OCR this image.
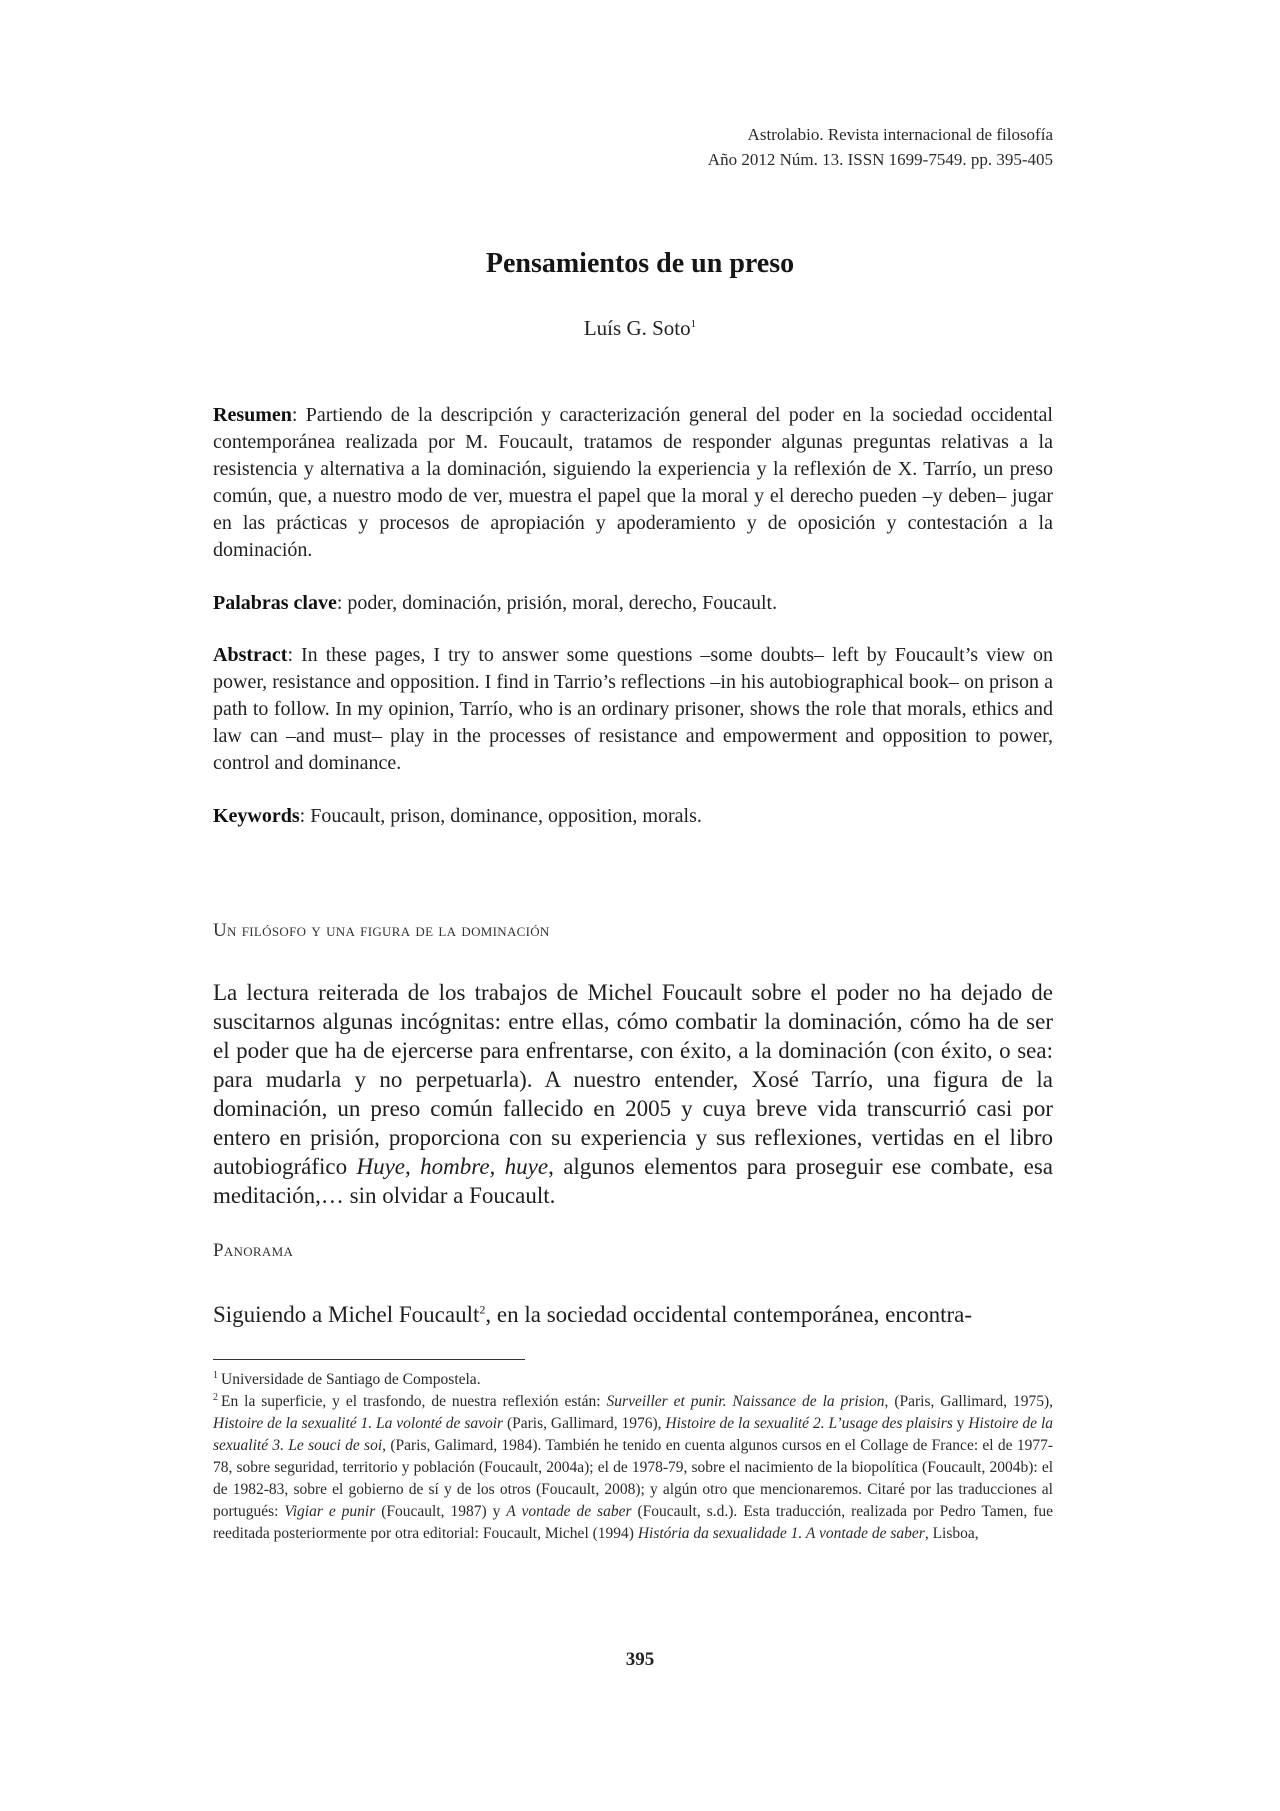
Astrolabio. Revista internacional de filosofía
Año 2012 Núm. 13. ISSN 1699-7549. pp. 395-405
Pensamientos de un preso
Luís G. Soto$^1$
Resumen: Partiendo de la descripción y caracterización general del poder en la sociedad occidental contemporánea realizada por M. Foucault, tratamos de responder algunas preguntas relativas a la resistencia y alternativa a la dominación, siguiendo la experiencia y la reflexión de X. Tarrío, un preso común, que, a nuestro modo de ver, muestra el papel que la moral y el derecho pueden –y deben– jugar en las prácticas y procesos de apropiación y apoderamiento y de oposición y contestación a la dominación.
Palabras clave: poder, dominación, prisión, moral, derecho, Foucault.
Abstract: In these pages, I try to answer some questions –some doubts– left by Foucault’s view on power, resistance and opposition. I find in Tarrio’s reflections –in his autobiographical book– on prison a path to follow. In my opinion, Tarrío, who is an ordinary prisoner, shows the role that morals, ethics and law can –and must– play in the processes of resistance and empowerment and opposition to power, control and dominance.
Keywords: Foucault, prison, dominance, opposition, morals.
Un filósofo y una figura de la dominación
La lectura reiterada de los trabajos de Michel Foucault sobre el poder no ha dejado de suscitarnos algunas incógnitas: entre ellas, cómo combatir la dominación, cómo ha de ser el poder que ha de ejercerse para enfrentarse, con éxito, a la dominación (con éxito, o sea: para mudarla y no perpetuarla). A nuestro entender, Xosé Tarrío, una figura de la dominación, un preso común fallecido en 2005 y cuya breve vida transcurrió casi por entero en prisión, proporciona con su experiencia y sus reflexiones, vertidas en el libro autobiográfico Huye, hombre, huye, algunos elementos para proseguir ese combate, esa meditación,… sin olvidar a Foucault.
Panorama
Siguiendo a Michel Foucault$^2$, en la sociedad occidental contemporánea, encontra-
$^1$ Universidade de Santiago de Compostela.
$^2$ En la superficie, y el trasfondo, de nuestra reflexión están: Surveiller et punir. Naissance de la prision, (Paris, Gallimard, 1975), Histoire de la sexualité 1. La volonté de savoir (Paris, Gallimard, 1976), Histoire de la sexualité 2. L’usage des plaisirs y Histoire de la sexualité 3. Le souci de soi, (Paris, Galimard, 1984). También he tenido en cuenta algunos cursos en el Collage de France: el de 1977-78, sobre seguridad, territorio y población (Foucault, 2004a); el de 1978-79, sobre el nacimiento de la biopolítica (Foucault, 2004b): el de 1982-83, sobre el gobierno de sí y de los otros (Foucault, 2008); y algún otro que mencionaremos. Citaré por las traducciones al portugués: Vigiar e punir (Foucault, 1987) y A vontade de saber (Foucault, s.d.). Esta traducción, realizada por Pedro Tamen, fue reeditada posteriormente por otra editorial: Foucault, Michel (1994) História da sexualidade 1. A vontade de saber, Lisboa,
395
